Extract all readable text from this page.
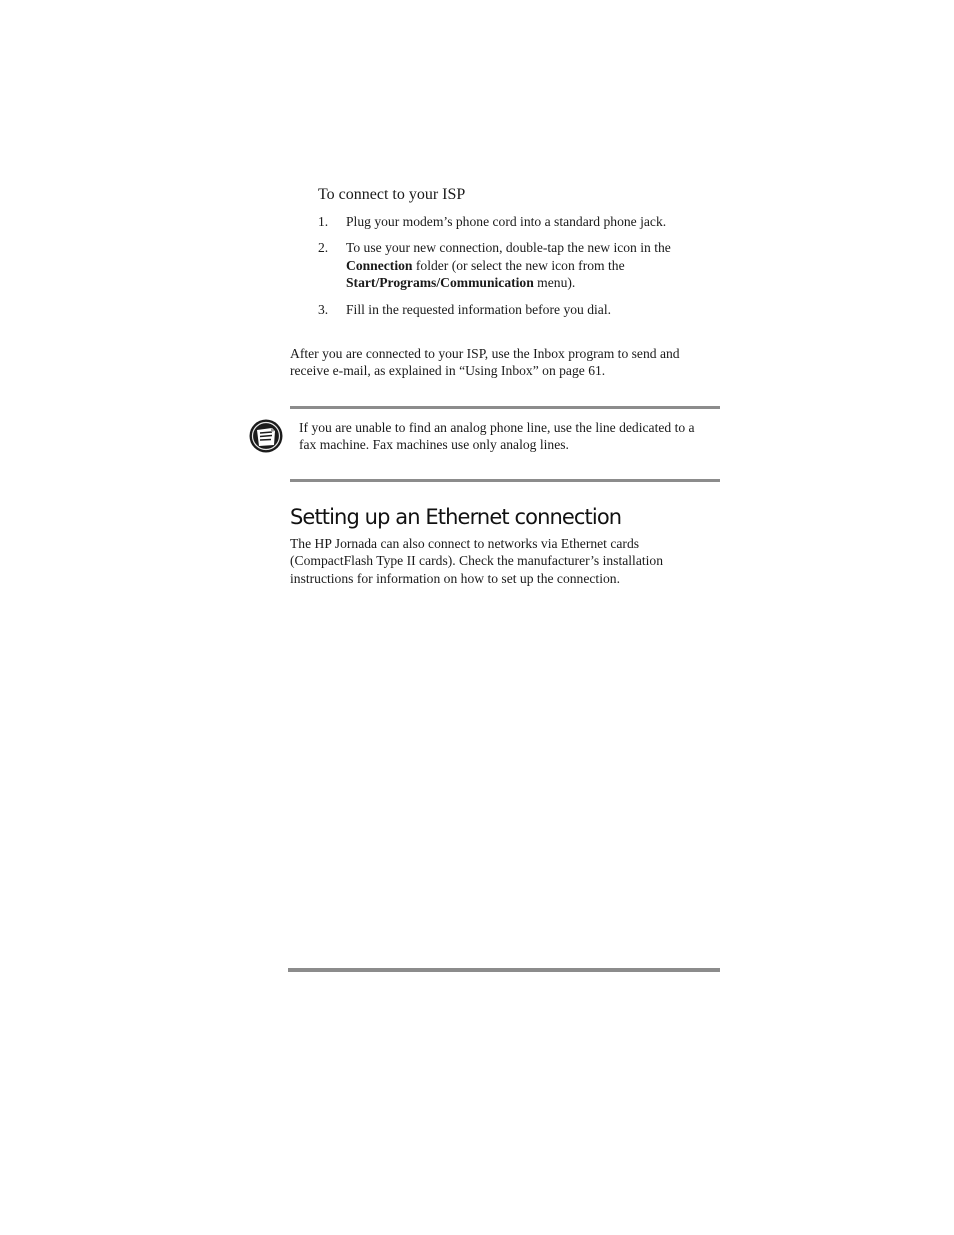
To connect to your ISP
1. Plug your modem’s phone cord into a standard phone jack.
2. To use your new connection, double-tap the new icon in the Connection folder (or select the new icon from the Start/Programs/Communication menu).
3. Fill in the requested information before you dial.

After you are connected to your ISP, use the Inbox program to send and receive e-mail, as explained in “Using Inbox” on page 61.

If you are unable to find an analog phone line, use the line dedicated to a fax machine. Fax machines use only analog lines.

Setting up an Ethernet connection

The HP Jornada can also connect to networks via Ethernet cards (CompactFlash Type II cards). Check the manufacturer’s installation instructions for information on how to set up the connection.
